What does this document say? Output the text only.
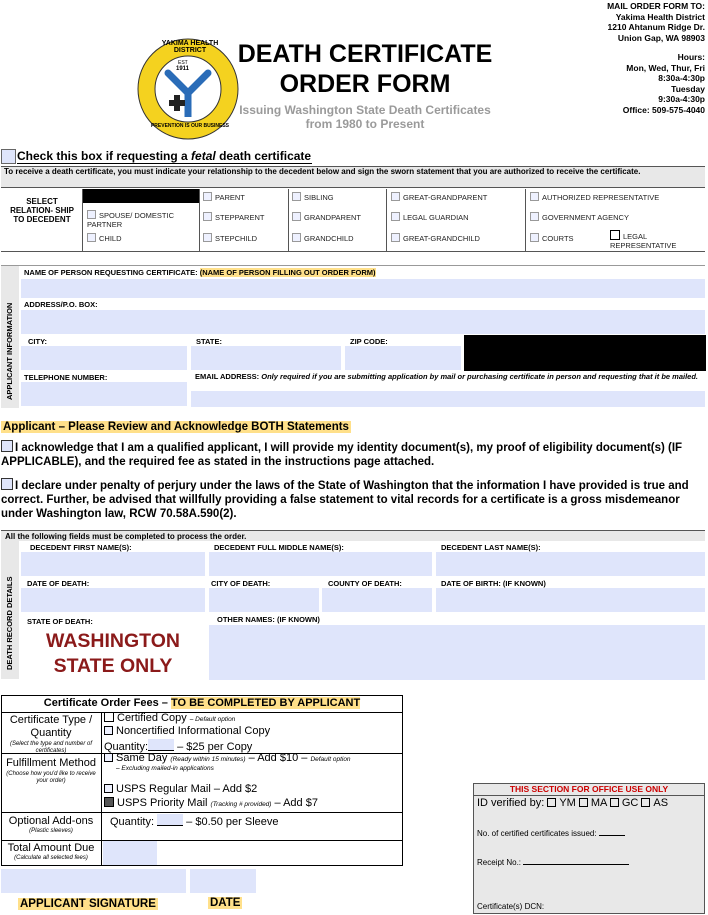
YAKIMA HEALTH DISTRICT
EST
1911
PREVENTION IS OUR BUSINESS
DEATH CERTIFICATE
ORDER FORM
Issuing Washington State Death Certificates
from 1980 to Present
MAIL ORDER FORM TO:
Yakima Health District
1210 Ahtanum Ridge Dr.
Union Gap, WA 98903
Hours:
Mon, Wed, Thur, Fri
8:30a-4:30p
Tuesday
9:30a-4:30p
Office: 509-575-4040
Check this box if requesting a fetal death certificate
To receive a death certificate, you must indicate your relationship to the decedent below and sign the sworn statement that you are authorized to receive the certificate.
SELECT RELATION- SHIP TO DECEDENT
PARENT	SIBLING	GREAT-GRANDPARENT	AUTHORIZED REPRESENTATIVE
SPOUSE/ DOMESTIC PARTNER
STEPPARENT	GRANDPARENT	LEGAL GUARDIAN	GOVERNMENT AGENCY
CHILD	STEPCHILD	GRANDCHILD	GREAT-GRANDCHILD	COURTS	LEGAL REPRESENTATIVE
APPLICANT INFORMATION
NAME OF PERSON REQUESTING CERTIFICATE: (NAME OF PERSON FILLING OUT ORDER FORM)
ADDRESS/P.O. BOX:
CITY:	STATE:	ZIP CODE:
TELEPHONE NUMBER:	EMAIL ADDRESS: Only required if you are submitting application by mail or purchasing certificate in person and requesting that it be mailed.
Applicant – Please Review and Acknowledge BOTH Statements
I acknowledge that I am a qualified applicant, I will provide my identity document(s), my proof of eligibility document(s) (IF APPLICABLE), and the required fee as stated in the instructions page attached.
I declare under penalty of perjury under the laws of the State of Washington that the information I have provided is true and correct. Further, be advised that willfully providing a false statement to vital records for a certificate is a gross misdemeanor under Washington law, RCW 70.58A.590(2).
All the following fields must be completed to process the order.
DEATH RECORD DETAILS
DECEDENT FIRST NAME(S):	DECEDENT FULL MIDDLE NAME(S):	DECEDENT LAST NAME(S):
DATE OF DEATH:	CITY OF DEATH:	COUNTY OF DEATH:	DATE OF BIRTH: (IF KNOWN)
STATE OF DEATH:
WASHINGTON
STATE ONLY
OTHER NAMES: (IF KNOWN)
Certificate Order Fees – TO BE COMPLETED BY APPLICANT
Certificate Type / Quantity
(Select the type and number of certificates)
Certified Copy – Default option
Noncertified Informational Copy
Quantity:	– $25 per Copy
Fulfillment Method
(Choose how you'd like to receive your order)
Same Day (Ready within 15 minutes) – Add $10 – Default option
– Excluding mailed-in applications
USPS Regular Mail – Add $2
USPS Priority Mail (Tracking # provided) – Add $7
Optional Add-ons
(Plastic sleeves)
Quantity:	– $0.50 per Sleeve
Total Amount Due
(Calculate all selected fees)
APPLICANT SIGNATURE	DATE
THIS SECTION FOR OFFICE USE ONLY
ID verified by: YM MA GC AS
No. of certified certificates issued:
Receipt No.:
Certificate(s) DCN:
